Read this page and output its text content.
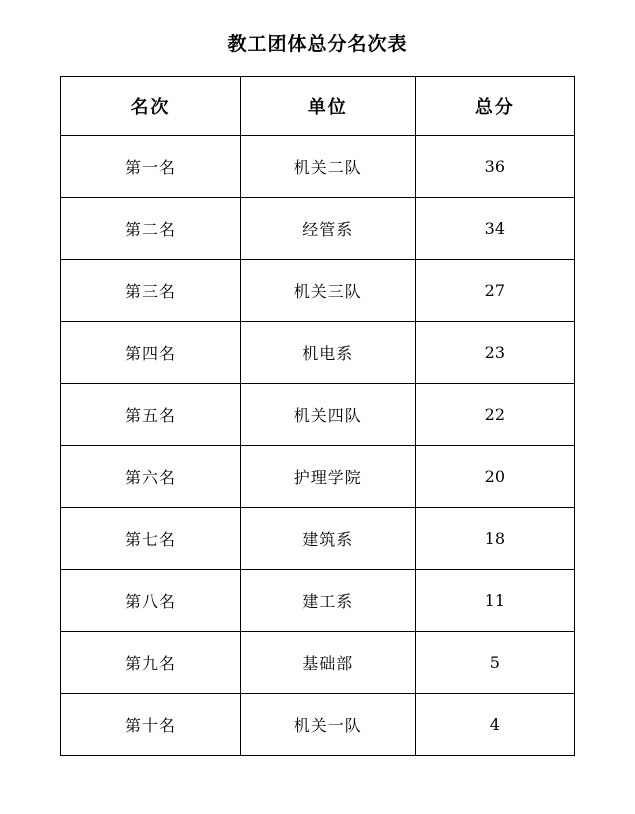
教工团体总分名次表
名次	单位	总分
第一名	机关二队	36
第二名	经管系	34
第三名	机关三队	27
第四名	机电系	23
第五名	机关四队	22
第六名	护理学院	20
第七名	建筑系	18
第八名	建工系	11
第九名	基础部	5
第十名	机关一队	4
